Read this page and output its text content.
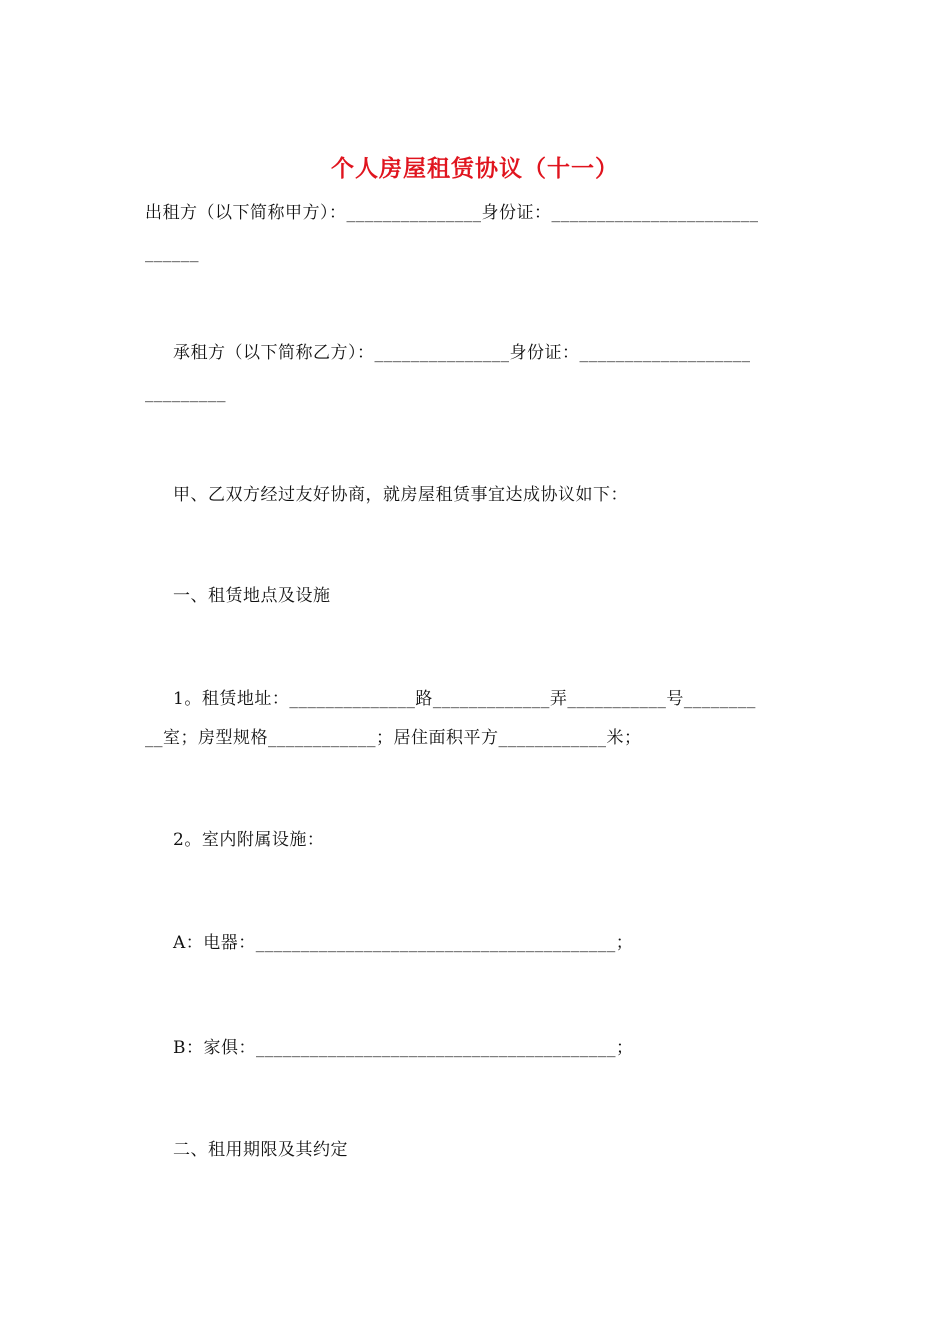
个人房屋租赁协议（十一）
出租方（以下简称甲方）：_______________身份证：_______________________
______
承租方（以下简称乙方）：_______________身份证：___________________
_________
甲、乙双方经过友好协商，就房屋租赁事宜达成协议如下：
一、租赁地点及设施
1。租赁地址：______________路_____________弄___________号________
__室；房型规格____________；居住面积平方____________米；
2。室内附属设施：
A：电器：________________________________________；
B：家俱：________________________________________；
二、租用期限及其约定
